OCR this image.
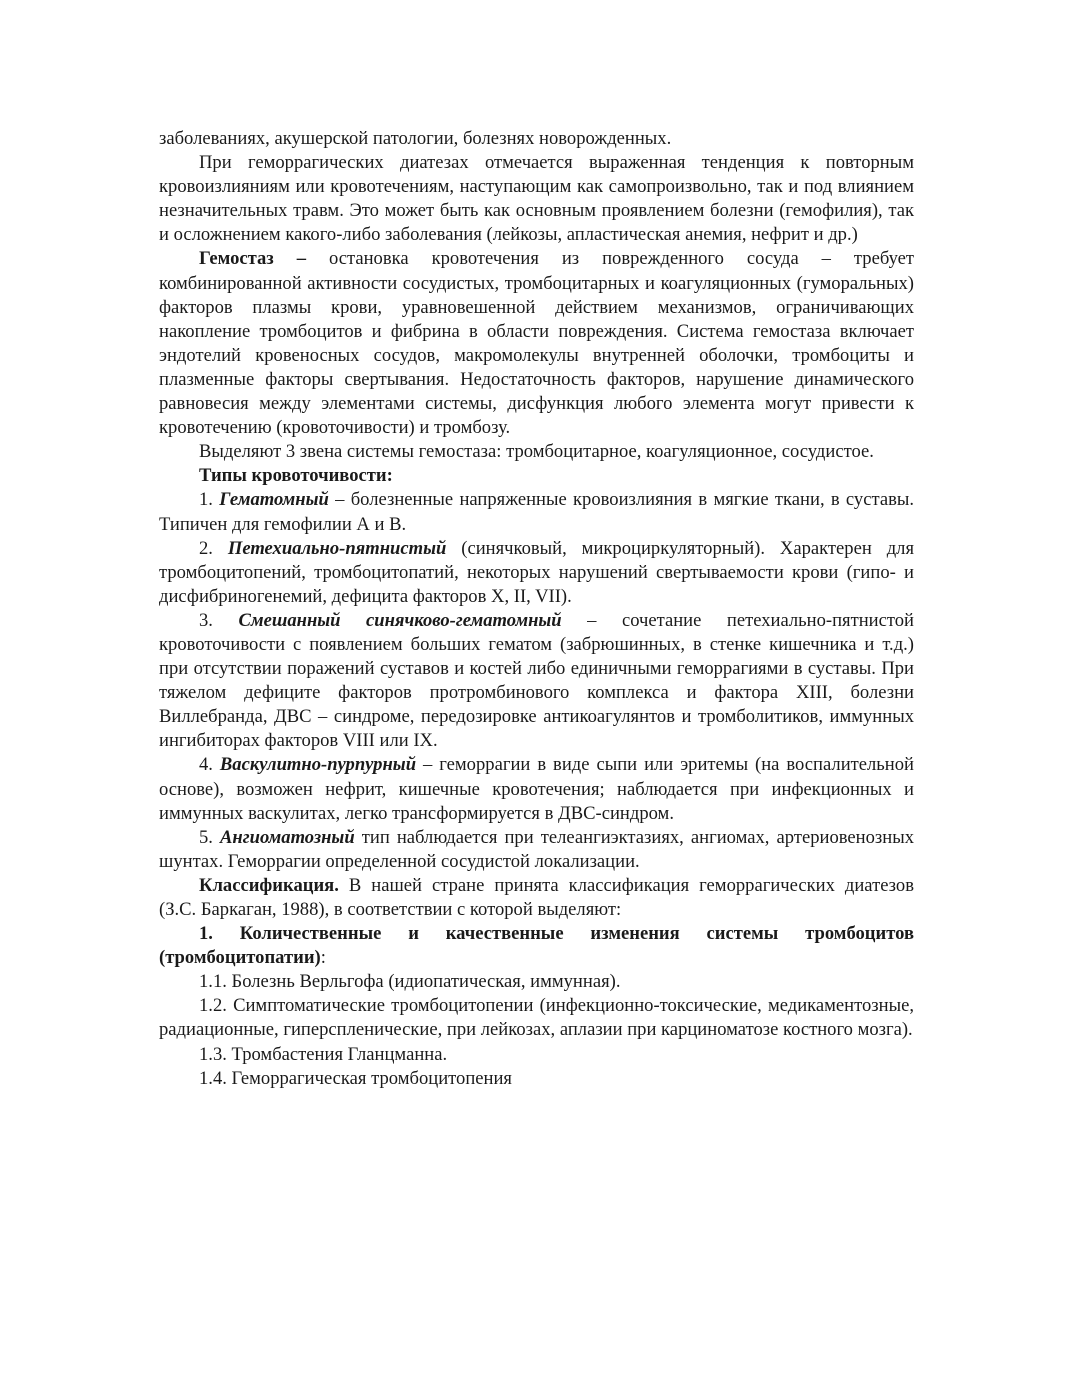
заболеваниях, акушерской патологии, болезнях новорожденных.

При геморрагических диатезах отмечается выраженная тенденция к повторным кровоизлияниям или кровотечениям, наступающим как самопроизвольно, так и под влиянием незначительных травм. Это может быть как основным проявлением болезни (гемофилия), так и осложнением какого-либо заболевания (лейкозы, апластическая анемия, нефрит и др.)

Гемостаз – остановка кровотечения из поврежденного сосуда – требует комбинированной активности сосудистых, тромбоцитарных и коагуляционных (гуморальных) факторов плазмы крови, уравновешенной действием механизмов, ограничивающих накопление тромбоцитов и фибрина в области повреждения. Система гемостаза включает эндотелий кровеносных сосудов, макромолекулы внутренней оболочки, тромбоциты и плазменные факторы свертывания. Недостаточность факторов, нарушение динамического равновесия между элементами системы, дисфункция любого элемента могут привести к кровотечению (кровоточивости) и тромбозу.

Выделяют 3 звена системы гемостаза: тромбоцитарное, коагуляционное, сосудистое.

Типы кровоточивости:

1. Гематомный – болезненные напряженные кровоизлияния в мягкие ткани, в суставы. Типичен для гемофилии А и В.

2. Петехиально-пятнистый (синячковый, микроциркуляторный). Характерен для тромбоцитопений, тромбоцитопатий, некоторых нарушений свертываемости крови (гипо- и дисфибриногенемий, дефицита факторов X, II, VII).

3. Смешанный синячково-гематомный – сочетание петехиально-пятнистой кровоточивости с появлением больших гематом (забрюшинных, в стенке кишечника и т.д.) при отсутствии поражений суставов и костей либо единичными геморрагиями в суставы. При тяжелом дефиците факторов протромбинового комплекса и фактора XIII, болезни Виллебранда, ДВС – синдроме, передозировке антикоагулянтов и тромболитиков, иммунных ингибиторах факторов VIII или IX.

4. Васкулитно-пурпурный – геморрагии в виде сыпи или эритемы (на воспалительной основе), возможен нефрит, кишечные кровотечения; наблюдается при инфекционных и иммунных васкулитах, легко трансформируется в ДВС-синдром.

5. Ангиоматозный тип наблюдается при телеангиэктазиях, ангиомах, артериовенозных шунтах. Геморрагии определенной сосудистой локализации.

Классификация. В нашей стране принята классификация геморрагических диатезов (З.С. Баркаган, 1988), в соответствии с которой выделяют:

1. Количественные и качественные изменения системы тромбоцитов (тромбоцитопатии):

1.1. Болезнь Верльгофа (идиопатическая, иммунная).

1.2. Симптоматические тромбоцитопении (инфекционно-токсические, медикаментозные, радиационные, гиперспленические, при лейкозах, аплазии при карциноматозе костного мозга).

1.3. Тромбастения Гланцманна.

1.4. Геморрагическая тромбоцитопения
